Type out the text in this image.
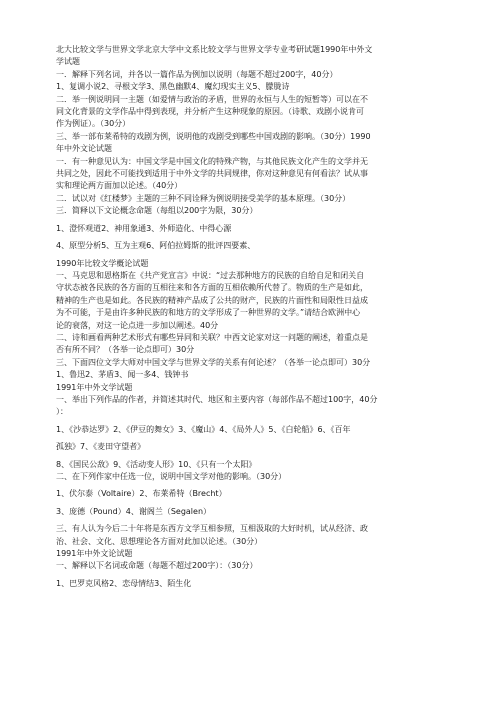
北大比较文学与世界文学北京大学中文系比较文学与世界文学专业考研试题1990年中外文
学试题
一．解释下列名词，并各以一篇作品为例加以说明（每题不超过200字，40分）
1、复调小说2、寻根文学3、黑色幽默4、魔幻现实主义5、朦胧诗
二．举一例说明同一主题（如爱情与政治的矛盾，世界的永恒与人生的短暂等）可以在不
同文化背景的文学作品中得到表现，并分析产生这种现象的原因。（诗歌、戏剧小说肯可
作为例证）。（30分）
三、举一部布莱希特的戏剧为例，说明他的戏剧受到哪些中国戏剧的影响。（30分）1990
年中外文论试题
一．有一种意见认为：中国文学是中国文化的特殊产物，与其他民族文化产生的文学并无
共同之处，因此不可能找到适用于中外文学的共同规律，你对这种意见有何看法？试从事
实和理论两方面加以论述。（40分）
二．试以对《红楼梦》主题的三种不同诠释为例说明接受美学的基本原理。（30分）
三．简释以下文论概念命题（每组以200字为限，30分）
1、澄怀观道2、神用象通3、外师造化、中得心源
4、原型分析5、互为主观6、阿伯拉姆斯的批评四要素、
1990年比较文学概论试题
一、马克思和恩格斯在《共产党宣言》中说：“过去那种地方的民族的自给自足和闭关自
守状态被各民族的各方面的互相往来和各方面的互相依赖所代替了。物质的生产是如此，
精神的生产也是如此。各民族的精神产品成了公共的财产，民族的片面性和局限性日益成
为不可能，于是由许多种民族的和地方的文学形成了一种世界的文学。”请结合欧洲中心
论的衰落，对这一论点进一步加以阐述。40分
二、诗和画看两种艺术形式有哪些异同和关联？中西文论家对这一问题的阐述，着重点是
否有所不同？（各举一论点即可）30分
三、下面四位文学大师对中国文学与世界文学的关系有何论述？（各举一论点即可）30分
1、鲁迅2、茅盾3、闻一多4、钱钟书
1991年中外文学试题
一、举出下列作品的作者，并简述其时代、地区和主要内容（每部作品不超过100字，40分
）：
1、《沙恭达罗》2、《伊豆的舞女》3、《魔山》4、《局外人》5、《白轮船》6、《百年
孤独》7、《麦田守望者》
8、《国民公敌》9、《活动变人形》10、《只有一个太阳》
二、在下列作家中任选一位，说明中国文学对他的影响。（30分）
1、伏尔泰（Voltaire）2、布莱希特（Brecht）
3、庞德（Pound）4、谢阁兰（Segalen）
三、有人认为今后二十年将是东西方文学互相参照，互相汲取的大好时机，试从经济、政
治、社会、文化、思想理论各方面对此加以论述。（30分）
1991年中外文论试题
一、解释以下名词或命题（每题不超过200字）：（30分）
1、巴罗克风格2、恋母情结3、陌生化
